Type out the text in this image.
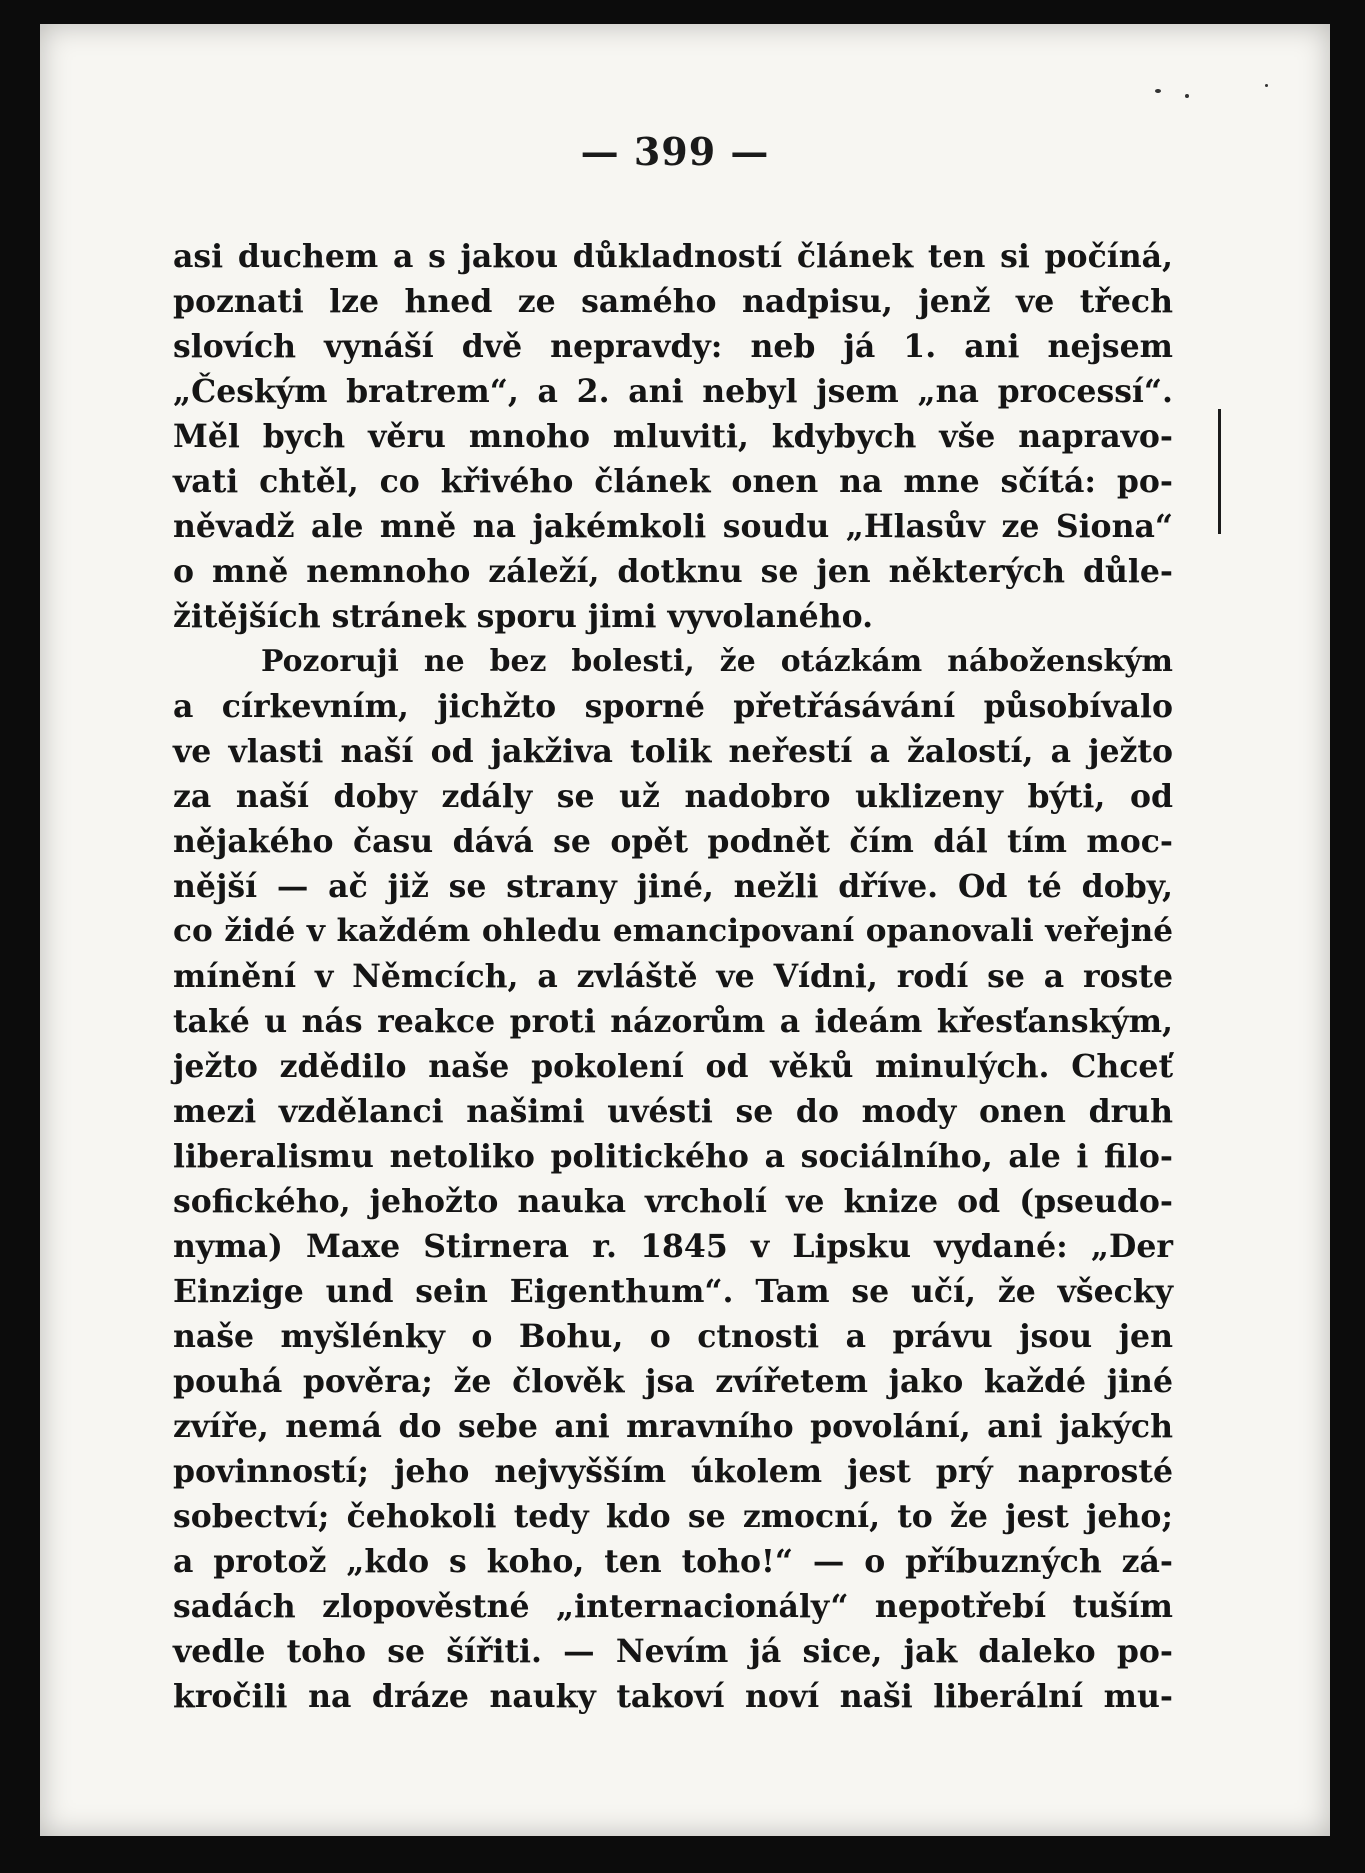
— 399 —
asi duchem a s jakou důkladností článek ten si počíná,
poznati lze hned ze samého nadpisu, jenž ve třech
slovích vynáší dvě nepravdy: neb já 1. ani nejsem
„Českým bratrem“, a 2. ani nebyl jsem „na processí“.
Měl bych věru mnoho mluviti, kdybych vše napravo-
vati chtěl, co křivého článek onen na mne sčítá: po-
něvadž ale mně na jakémkoli soudu „Hlasův ze Siona“
o mně nemnoho záleží, dotknu se jen některých důle-
žitějších stránek sporu jimi vyvolaného.
Pozoruji ne bez bolesti, že otázkám náboženským
a církevním, jichžto sporné přetřásávání působívalo
ve vlasti naší od jakživa tolik neřestí a žalostí, a ježto
za naší doby zdály se už nadobro uklizeny býti, od
nějakého času dává se opět podnět čím dál tím moc-
nější — ač již se strany jiné, nežli dříve. Od té doby,
co židé v každém ohledu emancipovaní opanovali veřejné
mínění v Němcích, a zvláště ve Vídni, rodí se a roste
také u nás reakce proti názorům a ideám křesťanským,
ježto zdědilo naše pokolení od věků minulých. Chceť
mezi vzdělanci našimi uvésti se do mody onen druh
liberalismu netoliko politického a sociálního, ale i filo-
sofického, jehožto nauka vrcholí ve knize od (pseudo-
nyma) Maxe Stirnera r. 1845 v Lipsku vydané: „Der
Einzige und sein Eigenthum“. Tam se učí, že všecky
naše myšlénky o Bohu, o ctnosti a právu jsou jen
pouhá pověra; že člověk jsa zvířetem jako každé jiné
zvíře, nemá do sebe ani mravního povolání, ani jakých
povinností; jeho nejvyšším úkolem jest prý naprosté
sobectví; čehokoli tedy kdo se zmocní, to že jest jeho;
a protož „kdo s koho, ten toho!“ — o příbuzných zá-
sadách zlopověstné „internacionály“ nepotřebí tuším
vedle toho se šířiti. — Nevím já sice, jak daleko po-
kročili na dráze nauky takoví noví naši liberální mu-
